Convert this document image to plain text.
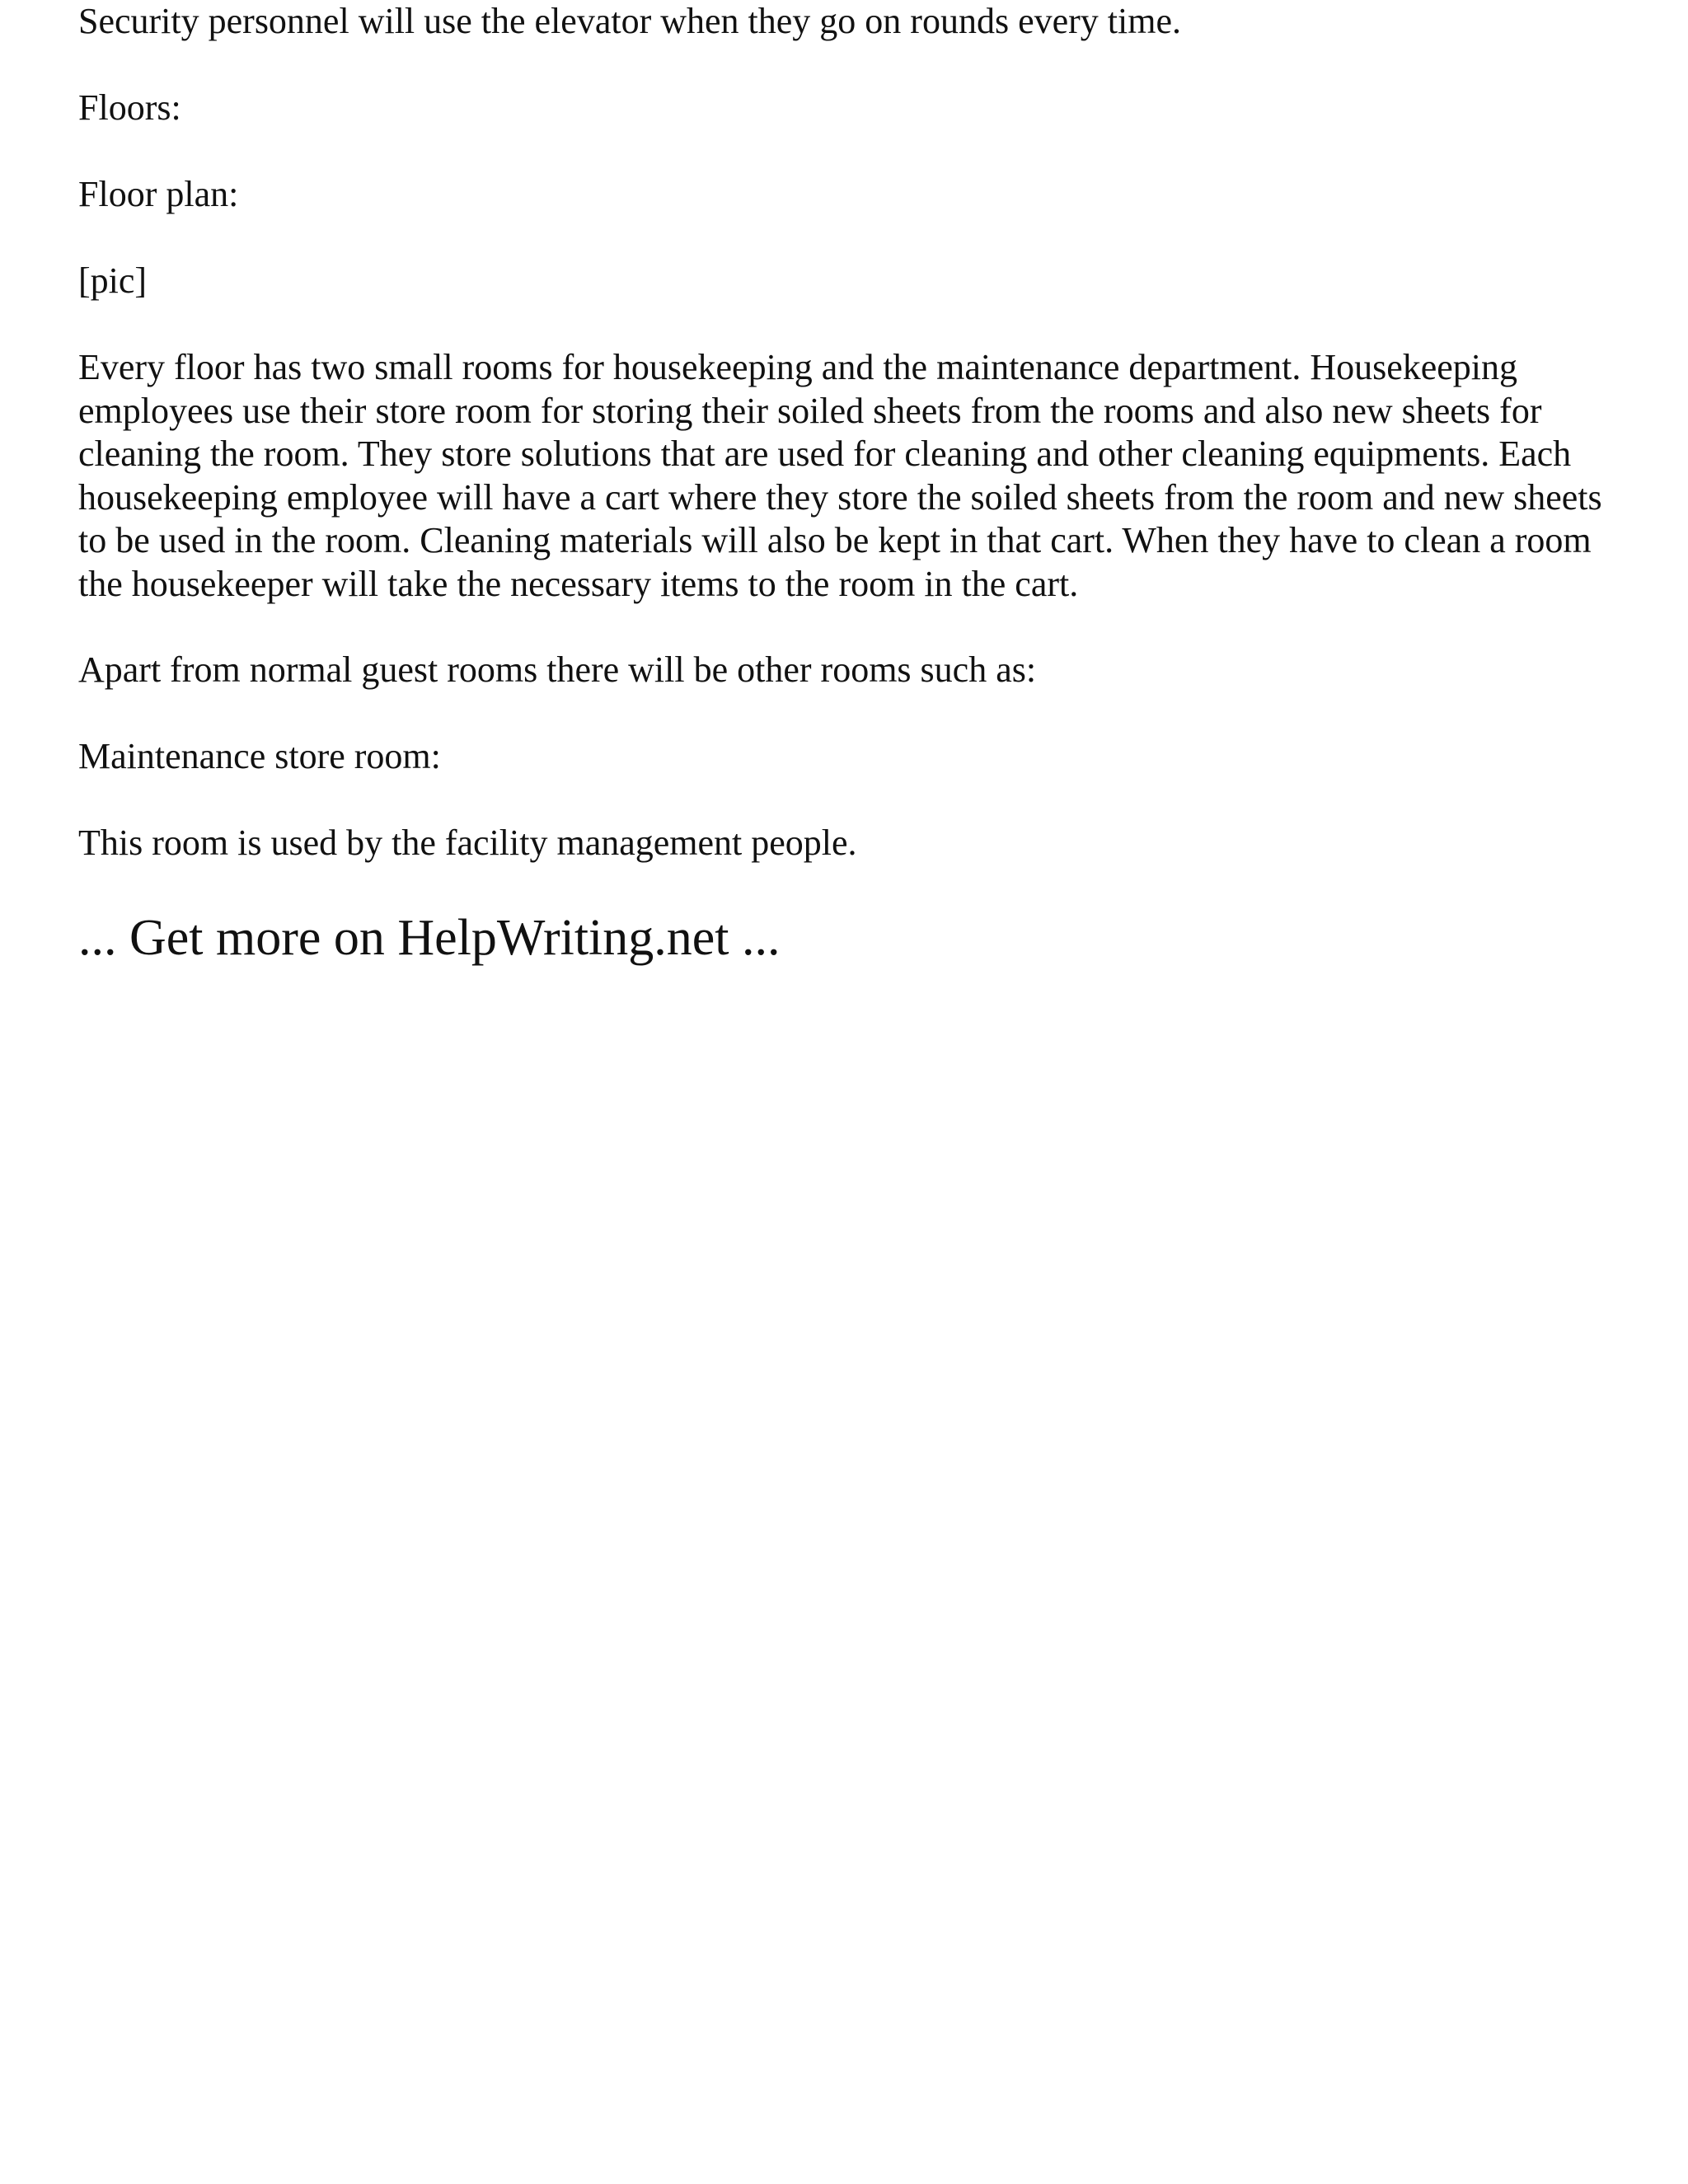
Security personnel will use the elevator when they go on rounds every time.

Floors:

Floor plan:

[pic]

Every floor has two small rooms for housekeeping and the maintenance department. Housekeeping employees use their store room for storing their soiled sheets from the rooms and also new sheets for cleaning the room. They store solutions that are used for cleaning and other cleaning equipments. Each housekeeping employee will have a cart where they store the soiled sheets from the room and new sheets to be used in the room. Cleaning materials will also be kept in that cart. When they have to clean a room the housekeeper will take the necessary items to the room in the cart.

Apart from normal guest rooms there will be other rooms such as:

Maintenance store room:

This room is used by the facility management people.

... Get more on HelpWriting.net ...
